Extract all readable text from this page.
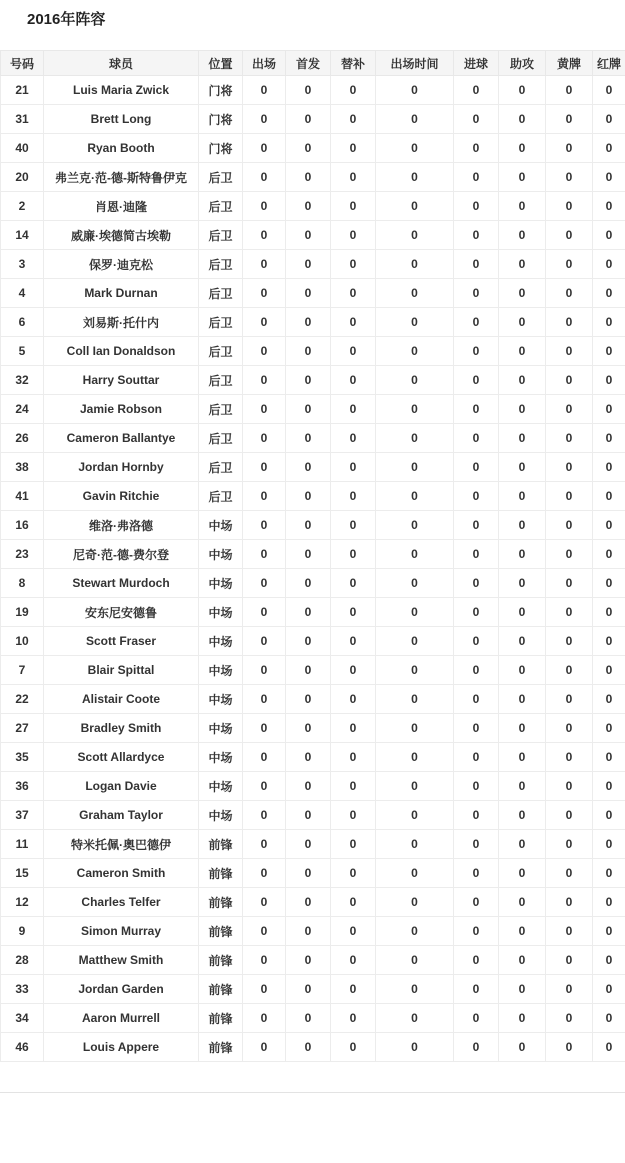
2016年阵容
号码	球员	位置	出场	首发	替补	出场时间	进球	助攻	黄牌	红牌
21	Luis Maria Zwick	门将	0	0	0	0	0	0	0	0
31	Brett Long	门将	0	0	0	0	0	0	0	0
40	Ryan Booth	门将	0	0	0	0	0	0	0	0
20	弗兰克·范-德-斯特鲁伊克	后卫	0	0	0	0	0	0	0	0
2	肖恩·迪隆	后卫	0	0	0	0	0	0	0	0
14	威廉·埃德简古埃勒	后卫	0	0	0	0	0	0	0	0
3	保罗·迪克松	后卫	0	0	0	0	0	0	0	0
4	Mark Durnan	后卫	0	0	0	0	0	0	0	0
6	刘易斯·托什内	后卫	0	0	0	0	0	0	0	0
5	Coll Ian Donaldson	后卫	0	0	0	0	0	0	0	0
32	Harry Souttar	后卫	0	0	0	0	0	0	0	0
24	Jamie Robson	后卫	0	0	0	0	0	0	0	0
26	Cameron Ballantye	后卫	0	0	0	0	0	0	0	0
38	Jordan Hornby	后卫	0	0	0	0	0	0	0	0
41	Gavin Ritchie	后卫	0	0	0	0	0	0	0	0
16	维洛·弗洛德	中场	0	0	0	0	0	0	0	0
23	尼奇·范-德-费尔登	中场	0	0	0	0	0	0	0	0
8	Stewart Murdoch	中场	0	0	0	0	0	0	0	0
19	安东尼安德鲁	中场	0	0	0	0	0	0	0	0
10	Scott Fraser	中场	0	0	0	0	0	0	0	0
7	Blair Spittal	中场	0	0	0	0	0	0	0	0
22	Alistair Coote	中场	0	0	0	0	0	0	0	0
27	Bradley Smith	中场	0	0	0	0	0	0	0	0
35	Scott Allardyce	中场	0	0	0	0	0	0	0	0
36	Logan Davie	中场	0	0	0	0	0	0	0	0
37	Graham Taylor	中场	0	0	0	0	0	0	0	0
11	特米托佩·奥巴德伊	前锋	0	0	0	0	0	0	0	0
15	Cameron Smith	前锋	0	0	0	0	0	0	0	0
12	Charles Telfer	前锋	0	0	0	0	0	0	0	0
9	Simon Murray	前锋	0	0	0	0	0	0	0	0
28	Matthew Smith	前锋	0	0	0	0	0	0	0	0
33	Jordan Garden	前锋	0	0	0	0	0	0	0	0
34	Aaron Murrell	前锋	0	0	0	0	0	0	0	0
46	Louis Appere	前锋	0	0	0	0	0	0	0	0
